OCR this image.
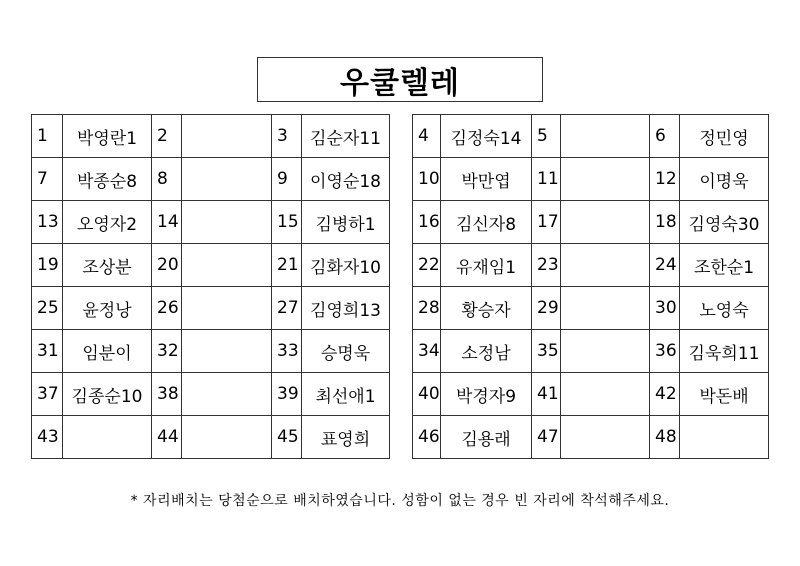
우쿨렐레
1	박영란1	2		3	김순자11
7	박종순8	8		9	이영순18
13	오영자2	14		15	김병하1
19	조상분	20		21	김화자10
25	윤정낭	26		27	김영희13
31	임분이	32		33	승명욱
37	김종순10	38		39	최선애1
43		44		45	표영희
4	김정숙14	5		6	정민영
10	박만엽	11		12	이명욱
16	김신자8	17		18	김영숙30
22	유재임1	23		24	조한순1
28	황승자	29		30	노영숙
34	소정남	35		36	김욱희11
40	박경자9	41		42	박돈배
46	김용래	47		48	
* 자리배치는 당첨순으로 배치하였습니다. 성함이 없는 경우 빈 자리에 착석해주세요.
